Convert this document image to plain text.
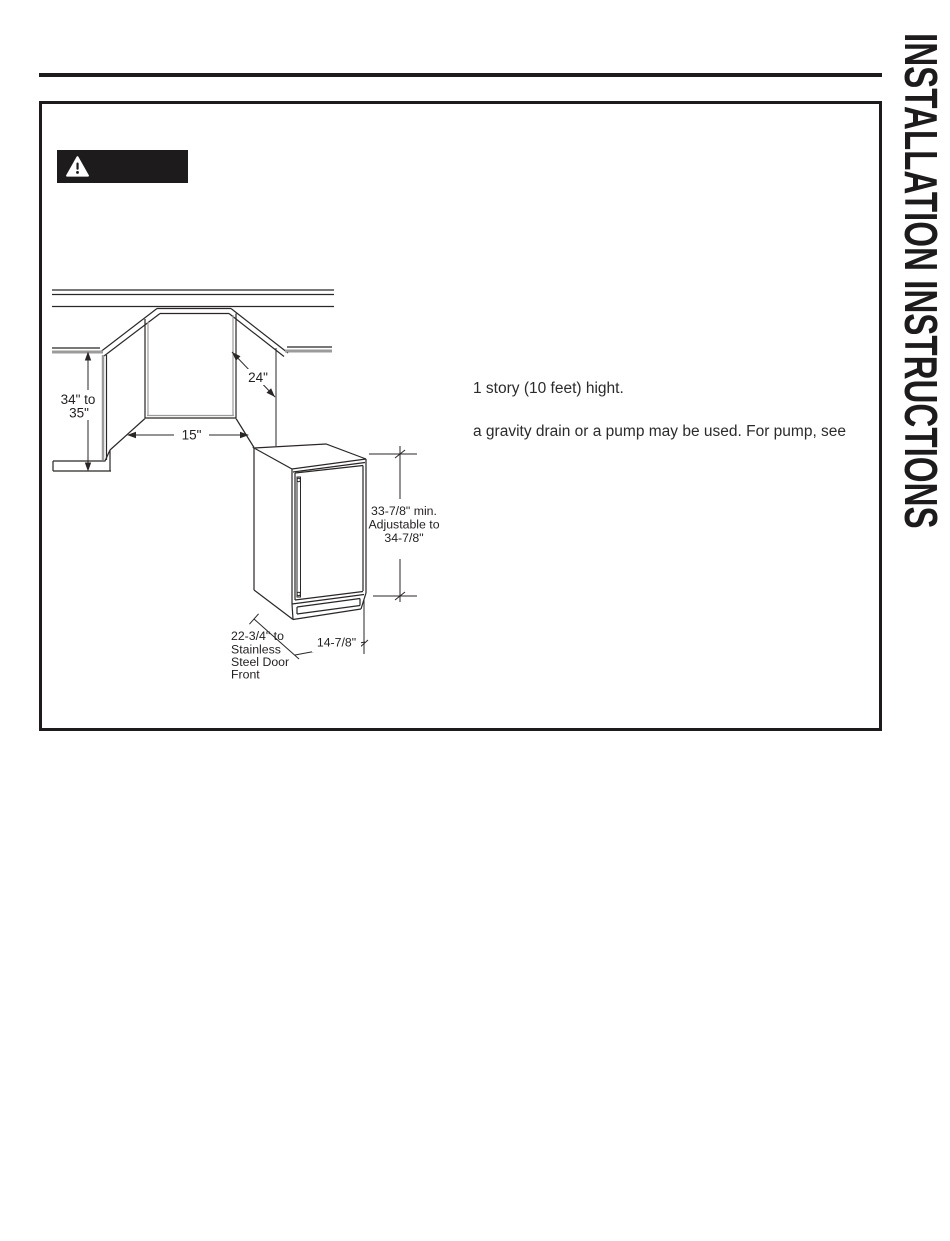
INSTALLATION INSTRUCTIONS
1 story (10 feet) hight.
a gravity drain or a pump may be used. For pump, see
34" to
35"
24"
15"
33-7/8" min.
Adjustable to
34-7/8"
22-3/4" to
Stainless
Steel Door
Front
14-7/8"
